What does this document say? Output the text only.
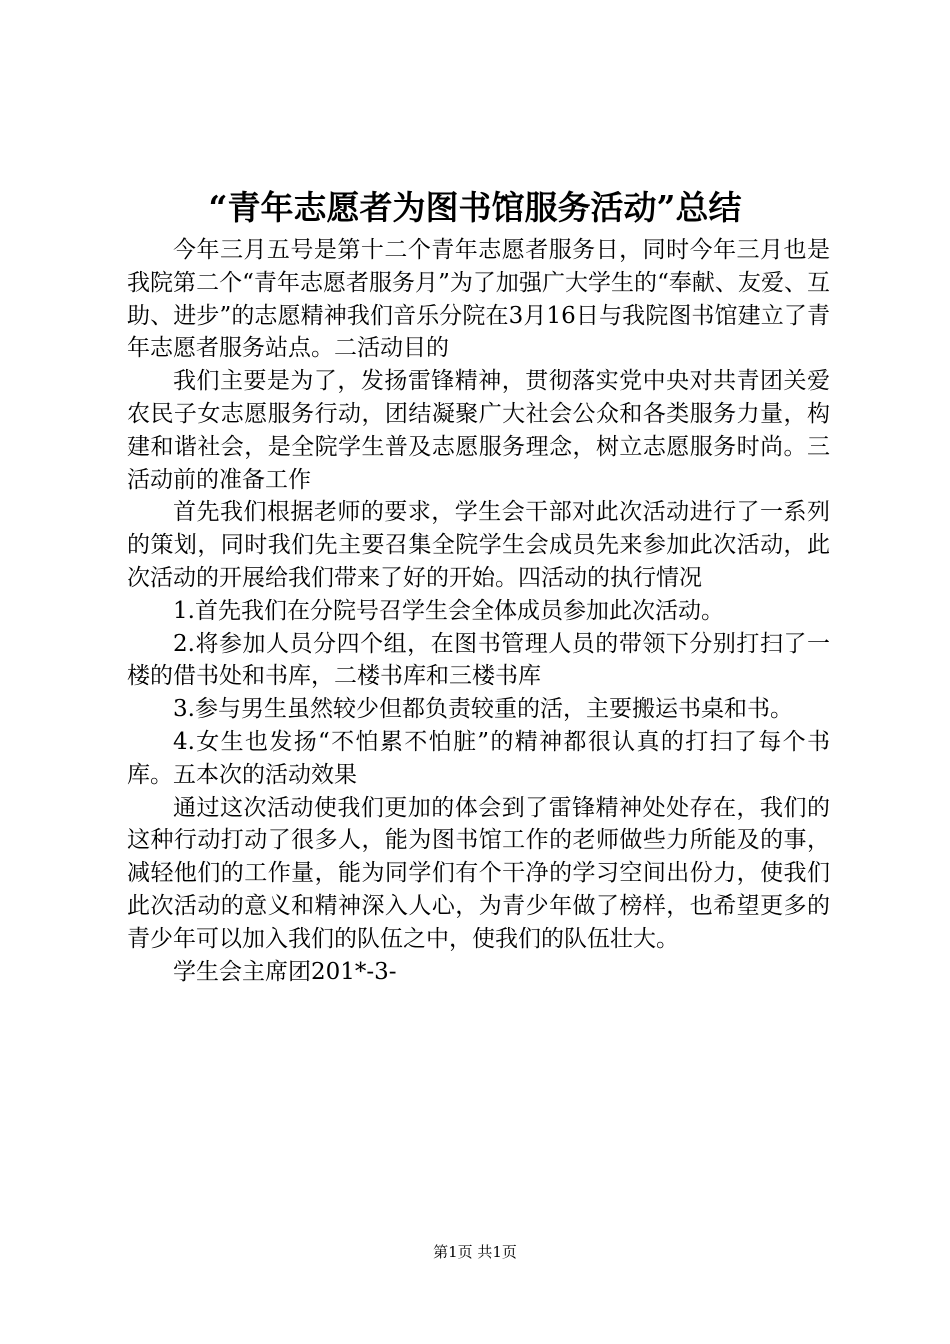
“青年志愿者为图书馆服务活动”总结

今年三月五号是第十二个青年志愿者服务日，同时今年三月也是我院第二个“青年志愿者服务月”为了加强广大学生的“奉献、友爱、互助、进步”的志愿精神我们音乐分院在3月16日与我院图书馆建立了青年志愿者服务站点。二活动目的

我们主要是为了，发扬雷锋精神，贯彻落实党中央对共青团关爱农民子女志愿服务行动，团结凝聚广大社会公众和各类服务力量，构建和谐社会，是全院学生普及志愿服务理念，树立志愿服务时尚。三活动前的准备工作

首先我们根据老师的要求，学生会干部对此次活动进行了一系列的策划，同时我们先主要召集全院学生会成员先来参加此次活动，此次活动的开展给我们带来了好的开始。四活动的执行情况

1.首先我们在分院号召学生会全体成员参加此次活动。

2.将参加人员分四个组，在图书管理人员的带领下分别打扫了一楼的借书处和书库，二楼书库和三楼书库

3.参与男生虽然较少但都负责较重的活，主要搬运书桌和书。

4.女生也发扬“不怕累不怕脏”的精神都很认真的打扫了每个书库。五本次的活动效果

通过这次活动使我们更加的体会到了雷锋精神处处存在，我们的这种行动打动了很多人，能为图书馆工作的老师做些力所能及的事，减轻他们的工作量，能为同学们有个干净的学习空间出份力，使我们此次活动的意义和精神深入人心，为青少年做了榜样，也希望更多的青少年可以加入我们的队伍之中，使我们的队伍壮大。

学生会主席团201*-3-

第1页 共1页
